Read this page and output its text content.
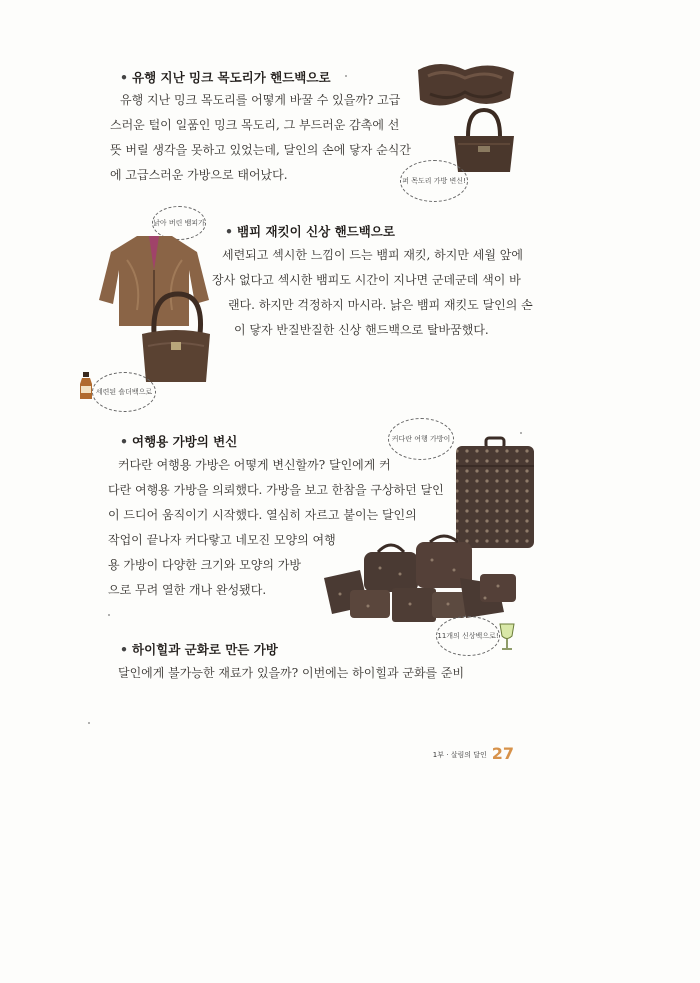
• 유행 지난 밍크 목도리가 핸드백으로
유행 지난 밍크 목도리를 어떻게 바꿀 수 있을까? 고급
스러운 털이 일품인 밍크 목도리, 그 부드러운 감촉에 선
뜻 버릴 생각을 못하고 있었는데, 달인의 손에 닿자 순식간
에 고급스러운 가방으로 태어났다.	퍼 목도리 가방 변신!
낡아 버린 뱀피가
세련된 숄더백으로
• 뱀피 재킷이 신상 핸드백으로
세련되고 섹시한 느낌이 드는 뱀피 재킷, 하지만 세월 앞에
장사 없다고 섹시한 뱀피도 시간이 지나면 군데군데 색이 바
랜다. 하지만 걱정하지 마시라. 낡은 뱀피 재킷도 달인의 손
이 닿자 반질반질한 신상 핸드백으로 탈바꿈했다.
• 여행용 가방의 변신
커다란 여행용 가방은 어떻게 변신할까? 달인에게 커
다란 여행용 가방을 의뢰했다. 가방을 보고 한참을 구상하던 달인
이 드디어 움직이기 시작했다. 열심히 자르고 붙이는 달인의
작업이 끝나자 커다랗고 네모진 모양의 여행
용 가방이 다양한 크기와 모양의 가방
으로 무려 열한 개나 완성됐다.
커다란 여행 가방이
11개의 신상백으로!
• 하이힐과 군화로 만든 가방
달인에게 불가능한 재료가 있을까? 이번에는 하이힐과 군화를 준비
1부 · 살림의 달인 27
